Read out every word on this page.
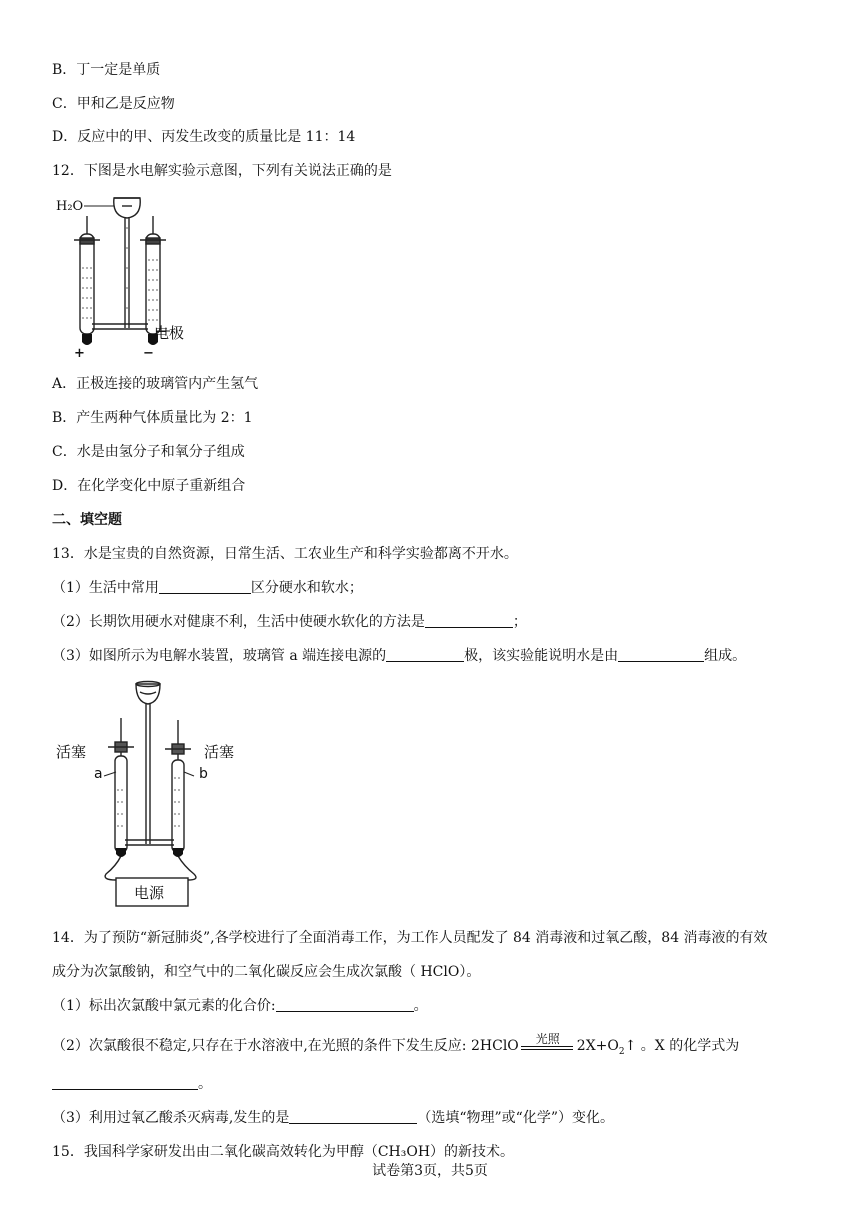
B．丁一定是单质
C．甲和乙是反应物
D．反应中的甲、丙发生改变的质量比是 11：14
12．下图是水电解实验示意图，下列有关说法正确的是
H₂O
电极
+	−
A．正极连接的玻璃管内产生氢气
B．产生两种气体质量比为 2：1
C．水是由氢分子和氧分子组成
D．在化学变化中原子重新组合
二、填空题
13．水是宝贵的自然资源，日常生活、工农业生产和科学实验都离不开水。
（1）生活中常用	区分硬水和软水；
（2）长期饮用硬水对健康不利，生活中使硬水软化的方法是	；
（3）如图所示为电解水装置，玻璃管 a 端连接电源的	极，该实验能说明水是由	组成。
活塞	活塞
a	b
电源
14．为了预防“新冠肺炎”,各学校进行了全面消毒工作，为工作人员配发了 84 消毒液和过氧乙酸，84 消毒液的有效
成分为次氯酸钠，和空气中的二氧化碳反应会生成次氯酸（ HClO）。
（1）标出次氯酸中氯元素的化合价:	。
（2）次氯酸很不稳定,只存在于水溶液中,在光照的条件下发生反应: 2HClO	光照	$2X+O_2↑$ 。X 的化学式为
。
（3）利用过氧乙酸杀灭病毒,发生的是	（选填“物理”或“化学”）变化。
15．我国科学家研发出由二氧化碳高效转化为甲醇（CH₃OH）的新技术。
试卷第3页，共5页
